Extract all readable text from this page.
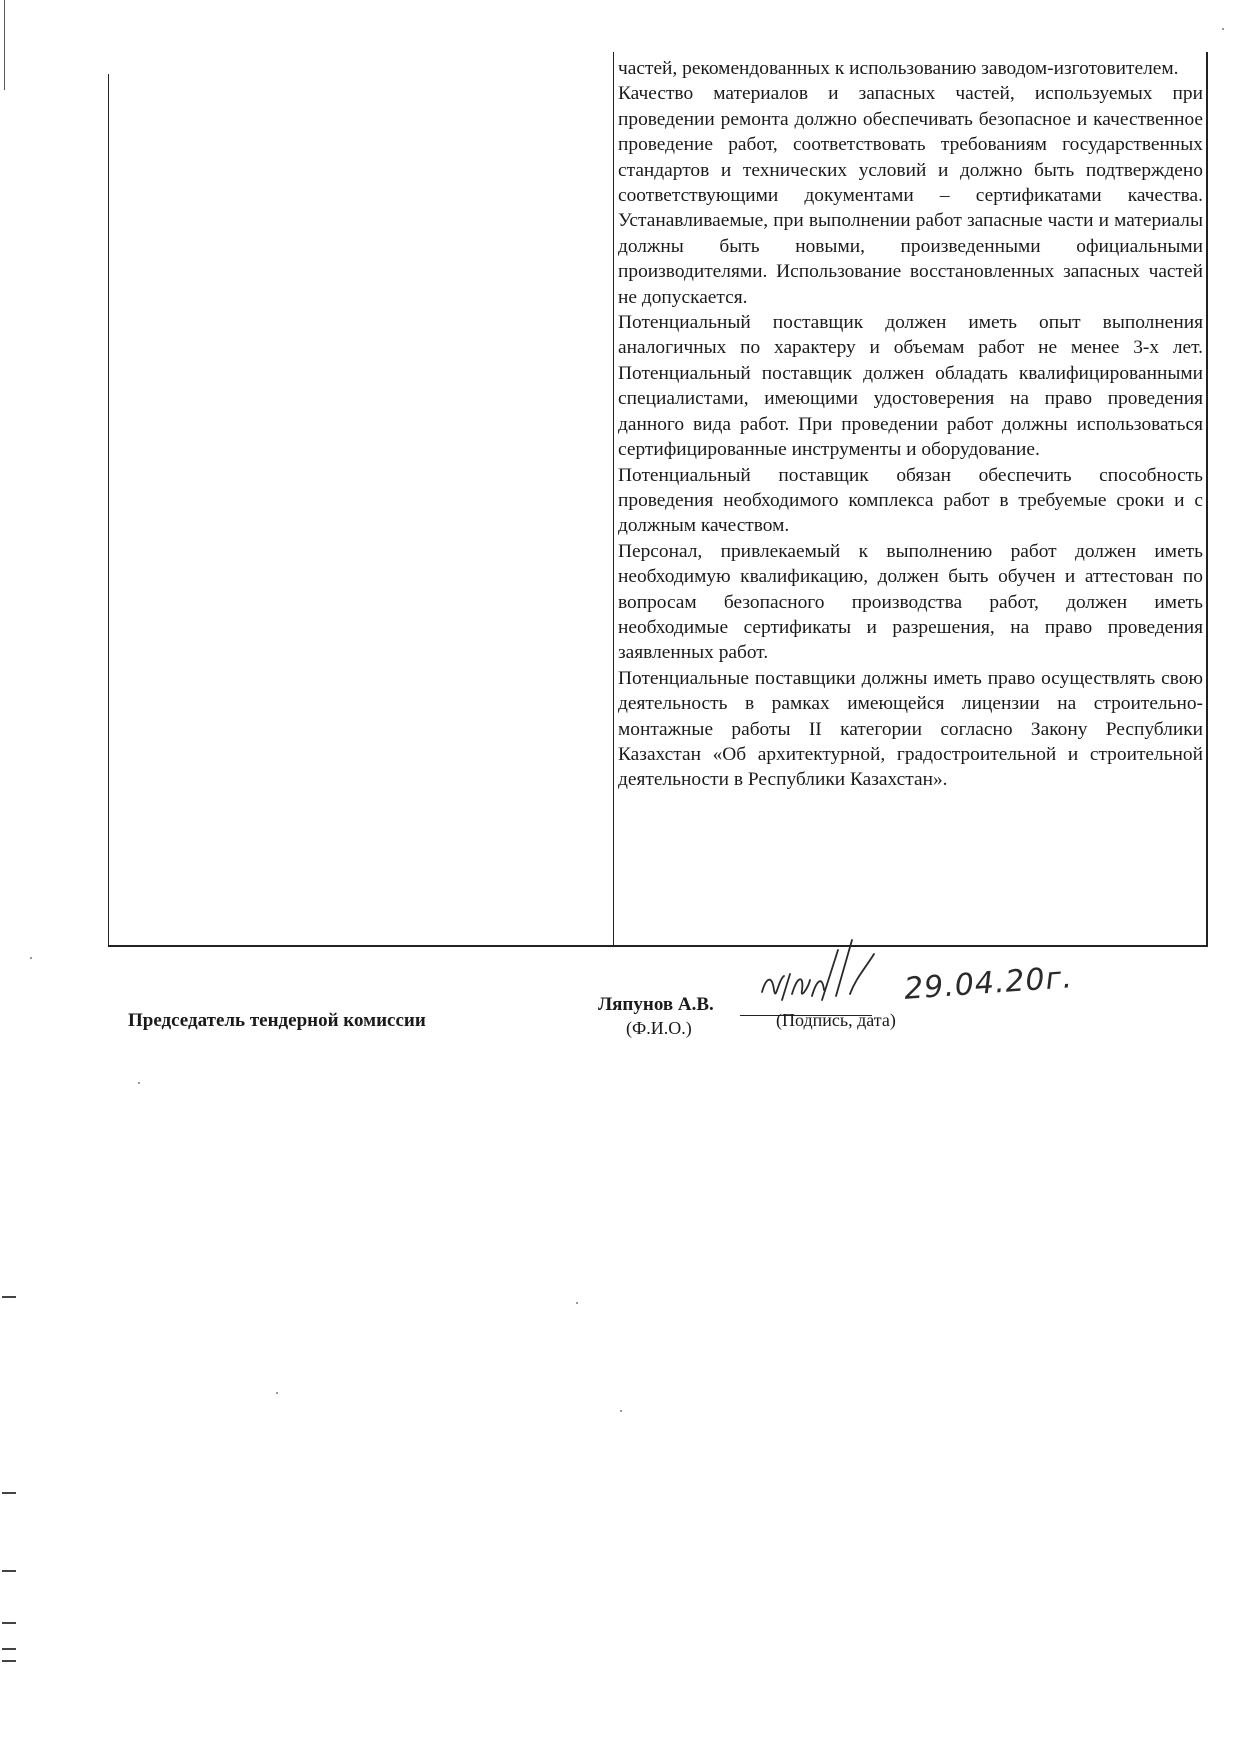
частей, рекомендованных к использованию заводом-изготовителем.

Качество материалов и запасных частей, используемых при проведении ремонта должно обеспечивать безопасное и качественное проведение работ, соответствовать требованиям государственных стандартов и технических условий и должно быть подтверждено соответствующими документами – сертификатами качества. Устанавливаемые, при выполнении работ запасные части и материалы должны быть новыми, произведенными официальными производителями. Использование восстановленных запасных частей не допускается.

Потенциальный поставщик должен иметь опыт выполнения аналогичных по характеру и объемам работ не менее 3-х лет. Потенциальный поставщик должен обладать квалифицированными специалистами, имеющими удостоверения на право проведения данного вида работ. При проведении работ должны использоваться сертифицированные инструменты и оборудование.

Потенциальный поставщик обязан обеспечить способность проведения необходимого комплекса работ в требуемые сроки и с должным качеством.

Персонал, привлекаемый к выполнению работ должен иметь необходимую квалификацию, должен быть обучен и аттестован по вопросам безопасного производства работ, должен иметь необходимые сертификаты и разрешения, на право проведения заявленных работ.

Потенциальные поставщики должны иметь право осуществлять свою деятельность в рамках имеющейся лицензии на строительно-монтажные работы II категории согласно Закону Республики Казахстан «Об архитектурной, градостроительной и строительной деятельности в Республики Казахстан».

Председатель тендерной комиссии
Ляпунов А.В.
(Ф.И.О.)	(Подпись, дата)
29.04.20г.
